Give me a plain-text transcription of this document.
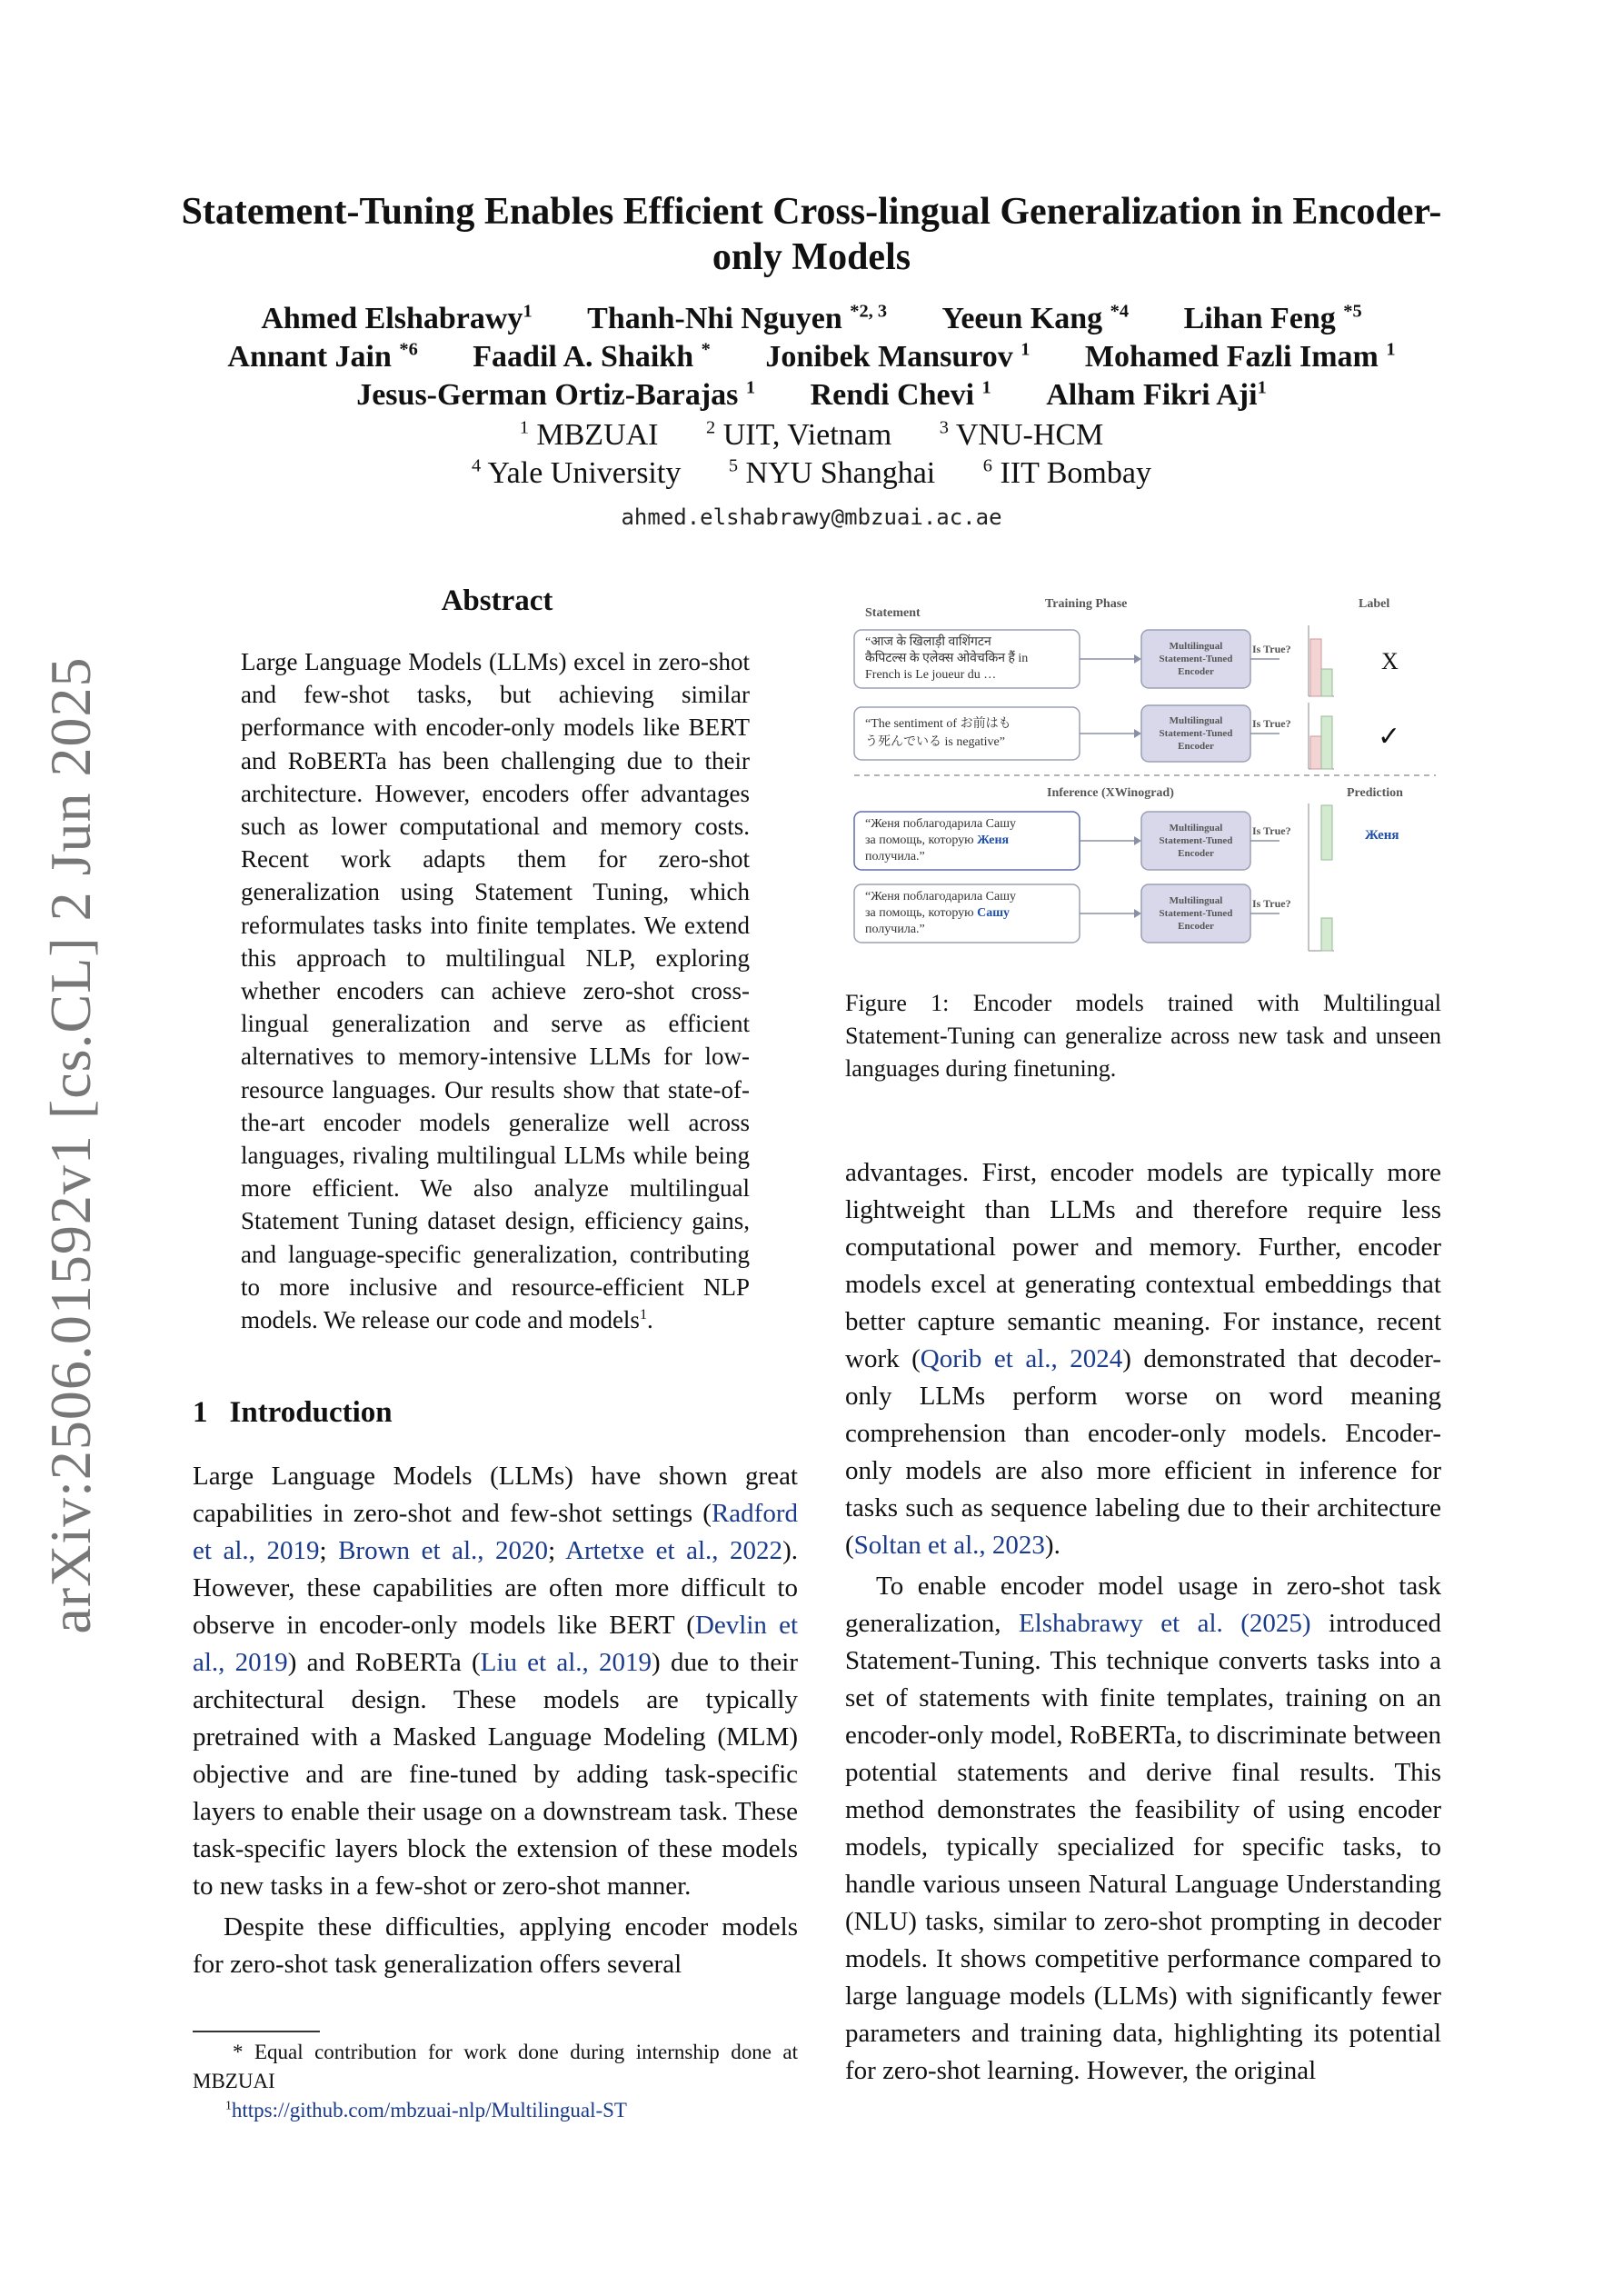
arXiv:2506.01592v1 [cs.CL] 2 Jun 2025
Statement-Tuning Enables Efficient Cross-lingual Generalization in Encoder-only Models
Ahmed Elshabrawy$^1$ Thanh-Nhi Nguyen $^{*2, 3}$ Yeeun Kang $^{*4}$ Lihan Feng $^{*5}$
Annant Jain $^{*6}$ Faadil A. Shaikh * Jonibek Mansurov $^1$ Mohamed Fazli Imam $^1$
Jesus-German Ortiz-Barajas $^1$ Rendi Chevi $^1$ Alham Fikri Aji$^1$
$^1$ MBZUAI	$^2$ UIT, Vietnam	$^3$ VNU-HCM
$^4$ Yale University	$^5$ NYU Shanghai	$^6$ IIT Bombay
ahmed.elshabrawy@mbzuai.ac.ae
Abstract
Large Language Models (LLMs) excel in zero-shot and few-shot tasks, but achieving similar performance with encoder-only models like BERT and RoBERTa has been challenging due to their architecture. However, encoders offer advantages such as lower computational and memory costs. Recent work adapts them for zero-shot generalization using Statement Tuning, which reformulates tasks into finite templates. We extend this approach to multilingual NLP, exploring whether encoders can achieve zero-shot cross-lingual generalization and serve as efficient alternatives to memory-intensive LLMs for low-resource languages. Our results show that state-of-the-art encoder models generalize well across languages, rivaling multilingual LLMs while being more efficient. We also analyze multilingual Statement Tuning dataset design, efficiency gains, and language-specific generalization, contributing to more inclusive and resource-efficient NLP models. We release our code and models$^1$.
1 Introduction

Large Language Models (LLMs) have shown great capabilities in zero-shot and few-shot settings (Radford et al., 2019; Brown et al., 2020; Artetxe et al., 2022). However, these capabilities are often more difficult to observe in encoder-only models like BERT (Devlin et al., 2019) and RoBERTa (Liu et al., 2019) due to their architectural design. These models are typically pretrained with a Masked Language Modeling (MLM) objective and are fine-tuned by adding task-specific layers to enable their usage on a downstream task. These task-specific layers block the extension of these models to new tasks in a few-shot or zero-shot manner.

Despite these difficulties, applying encoder models for zero-shot task generalization offers several

* Equal contribution for work done during internship done at MBZUAI
$^1$https://github.com/mbzuai-nlp/Multilingual-ST
Statement
Training Phase	Label
“आज के खिलाड़ी वाशिंगटन
कैपिटल्स के एलेक्स ओवेचकिन हैं in
French is Le joueur du …
Multilingual
Statement-Tuned
Encoder
Is True?	X
“The sentiment of お前はも
う死んでいる is negative”
Multilingual
Statement-Tuned
Encoder
Is True?	✓
Inference (XWinograd)	Prediction
“Женя поблагодарила Сашу
за помощь, которую Женя
получила.”
Multilingual
Statement-Tuned
Encoder
Is True?	Женя
“Женя поблагодарила Сашу
за помощь, которую Сашу
получила.”
Multilingual
Statement-Tuned
Encoder
Is True?
Figure 1: Encoder models trained with Multilingual Statement-Tuning can generalize across new task and unseen languages during finetuning.

advantages. First, encoder models are typically more lightweight than LLMs and therefore require less computational power and memory. Further, encoder models excel at generating contextual embeddings that better capture semantic meaning. For instance, recent work (Qorib et al., 2024) demonstrated that decoder-only LLMs perform worse on word meaning comprehension than encoder-only models. Encoder-only models are also more efficient in inference for tasks such as sequence labeling due to their architecture (Soltan et al., 2023).

To enable encoder model usage in zero-shot task generalization, Elshabrawy et al. (2025) introduced Statement-Tuning. This technique converts tasks into a set of statements with finite templates, training on an encoder-only model, RoBERTa, to discriminate between potential statements and derive final results. This method demonstrates the feasibility of using encoder models, typically specialized for specific tasks, to handle various unseen Natural Language Understanding (NLU) tasks, similar to zero-shot prompting in decoder models. It shows competitive performance compared to large language models (LLMs) with significantly fewer parameters and training data, highlighting its potential for zero-shot learning. However, the original
